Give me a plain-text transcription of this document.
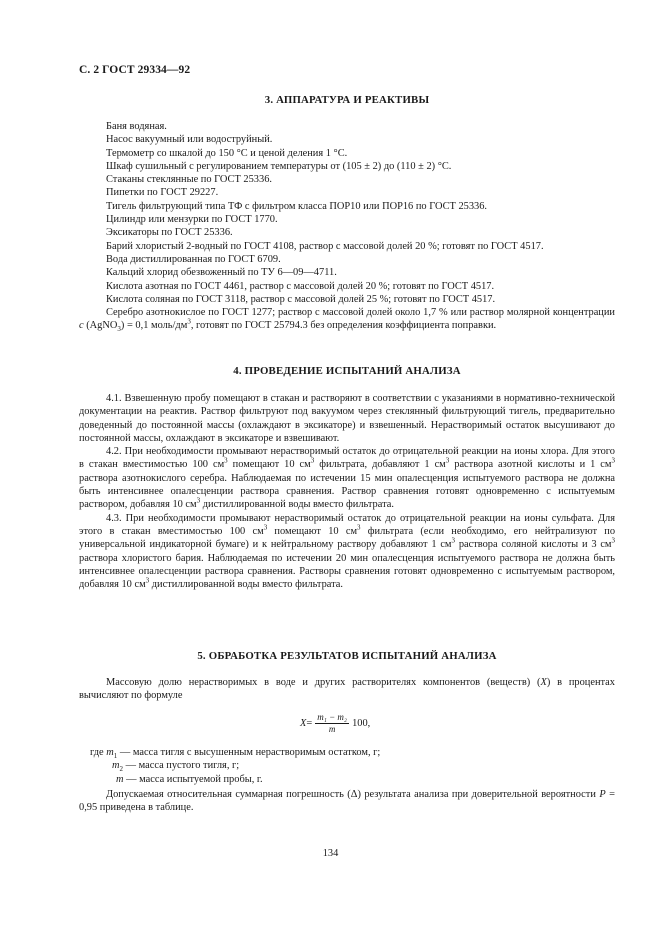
С. 2 ГОСТ 29334—92
3. АППАРАТУРА И РЕАКТИВЫ

Баня водяная.

Насос вакуумный или водоструйный.

Термометр со шкалой до 150 °С и ценой деления 1 °С.

Шкаф сушильный с регулированием температуры от (105 ± 2) до (110 ± 2) °С.

Стаканы стеклянные по ГОСТ 25336.

Пипетки по ГОСТ 29227.

Тигель фильтрующий типа ТФ с фильтром класса ПОР10 или ПОР16 по ГОСТ 25336.

Цилиндр или мензурки по ГОСТ 1770.

Эксикаторы по ГОСТ 25336.

Барий хлористый 2-водный по ГОСТ 4108, раствор с массовой долей 20 %; готовят по ГОСТ 4517.

Вода дистиллированная по ГОСТ 6709.

Кальций хлорид обезвоженный по ТУ 6—09—4711.

Кислота азотная по ГОСТ 4461, раствор с массовой долей 20 %; готовят по ГОСТ 4517.

Кислота соляная по ГОСТ 3118, раствор с массовой долей 25 %; готовят по ГОСТ 4517.

Серебро азотнокислое по ГОСТ 1277; раствор с массовой долей около 1,7 % или раствор молярной концентрации c (AgNO$_3$) = 0,1 моль/$дм^3$, готовят по ГОСТ 25794.3 без определения коэффициента поправки.

4. ПРОВЕДЕНИЕ ИСПЫТАНИЙ АНАЛИЗА

4.1. Взвешенную пробу помещают в стакан и растворяют в соответствии с указаниями в нормативно-технической документации на реактив. Раствор фильтруют под вакуумом через стеклянный фильтрующий тигель, предварительно доведенный до постоянной массы (охлаждают в эксикаторе) и взвешенный. Нерастворимый остаток высушивают до постоянной массы, охлаждают в эксикаторе и взвешивают.

4.2. При необходимости промывают нерастворимый остаток до отрицательной реакции на ионы хлора. Для этого в стакан вместимостью 100 $см^3$ помещают 10 $см^3$ фильтрата, добавляют 1 $см^3$ раствора азотной кислоты и 1 $см^3$ раствора азотнокислого серебра. Наблюдаемая по истечении 15 мин опалесценция испытуемого раствора не должна быть интенсивнее опалесценции раствора сравнения. Раствор сравнения готовят одновременно с испытуемым раствором, добавляя 10 $см^3$ дистиллированной воды вместо фильтрата.

4.3. При необходимости промывают нерастворимый остаток до отрицательной реакции на ионы сульфата. Для этого в стакан вместимостью 100 $см^3$ помещают 10 $см^3$ фильтрата (если необходимо, его нейтрализуют по универсальной индикаторной бумаге) и к нейтральному раствору добавляют 1 $см^3$ раствора соляной кислоты и 3 $см^3$ раствора хлористого бария. Наблюдаемая по истечении 20 мин опалесценция испытуемого раствора не должна быть интенсивнее опалесценции раствора сравнения. Растворы сравнения готовят одновременно с испытуемым раствором, добавляя 10 $см^3$ дистиллированной воды вместо фильтрата.

5. ОБРАБОТКА РЕЗУЛЬТАТОВ ИСПЫТАНИЙ АНАЛИЗА

Массовую долю нерастворимых в воде и других растворителях компонентов (веществ) (X) в процентах вычисляют по формуле

$X = \frac{\text{m₁ − m₂}}{m} 100$,
где $m_1$ — масса тигля с высушенным нерастворимым остатком, г;
$m_2$ — масса пустого тигля, г;
m — масса испытуемой пробы, г.

Допускаемая относительная суммарная погрешность (Δ) результата анализа при доверительной вероятности P = 0,95 приведена в таблице.

134
